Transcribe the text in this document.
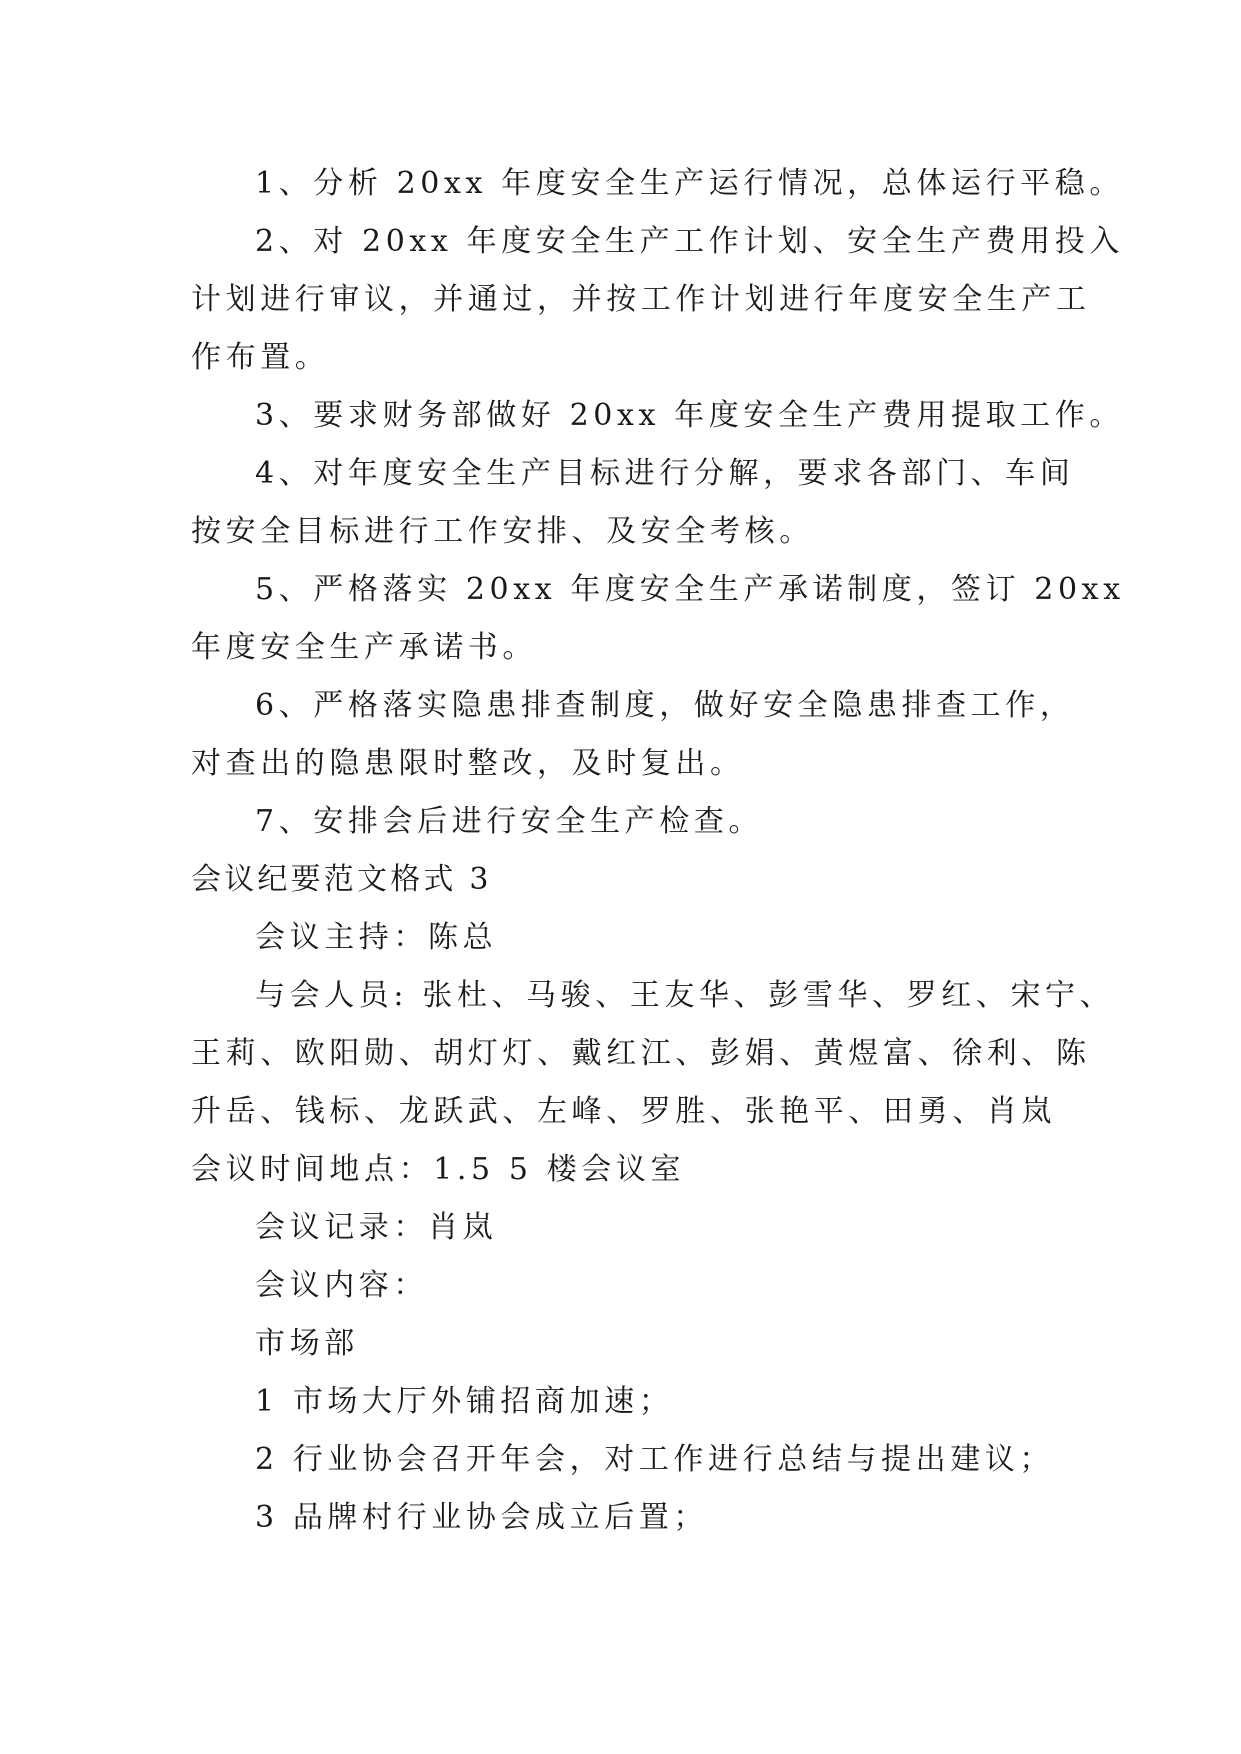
1、分析 20xx 年度安全生产运行情况，总体运行平稳。

2、对 20xx 年度安全生产工作计划、安全生产费用投入

计划进行审议，并通过，并按工作计划进行年度安全生产工

作布置。

3、要求财务部做好 20xx 年度安全生产费用提取工作。

4、对年度安全生产目标进行分解，要求各部门、车间

按安全目标进行工作安排、及安全考核。

5、严格落实 20xx 年度安全生产承诺制度，签订 20xx

年度安全生产承诺书。

6、严格落实隐患排查制度，做好安全隐患排查工作，

对查出的隐患限时整改，及时复出。

7、安排会后进行安全生产检查。

会议纪要范文格式 3

会议主持：陈总

与会人员: 张杜、马骏、王友华、彭雪华、罗红、宋宁、

王莉、欧阳勋、胡灯灯、戴红江、彭娟、黄煜富、徐利、陈

升岳、钱标、龙跃武、左峰、罗胜、张艳平、田勇、肖岚

会议时间地点：1.5 5 楼会议室

会议记录：肖岚

会议内容：

市场部

1 市场大厅外铺招商加速；

2 行业协会召开年会，对工作进行总结与提出建议；

3 品牌村行业协会成立后置；
